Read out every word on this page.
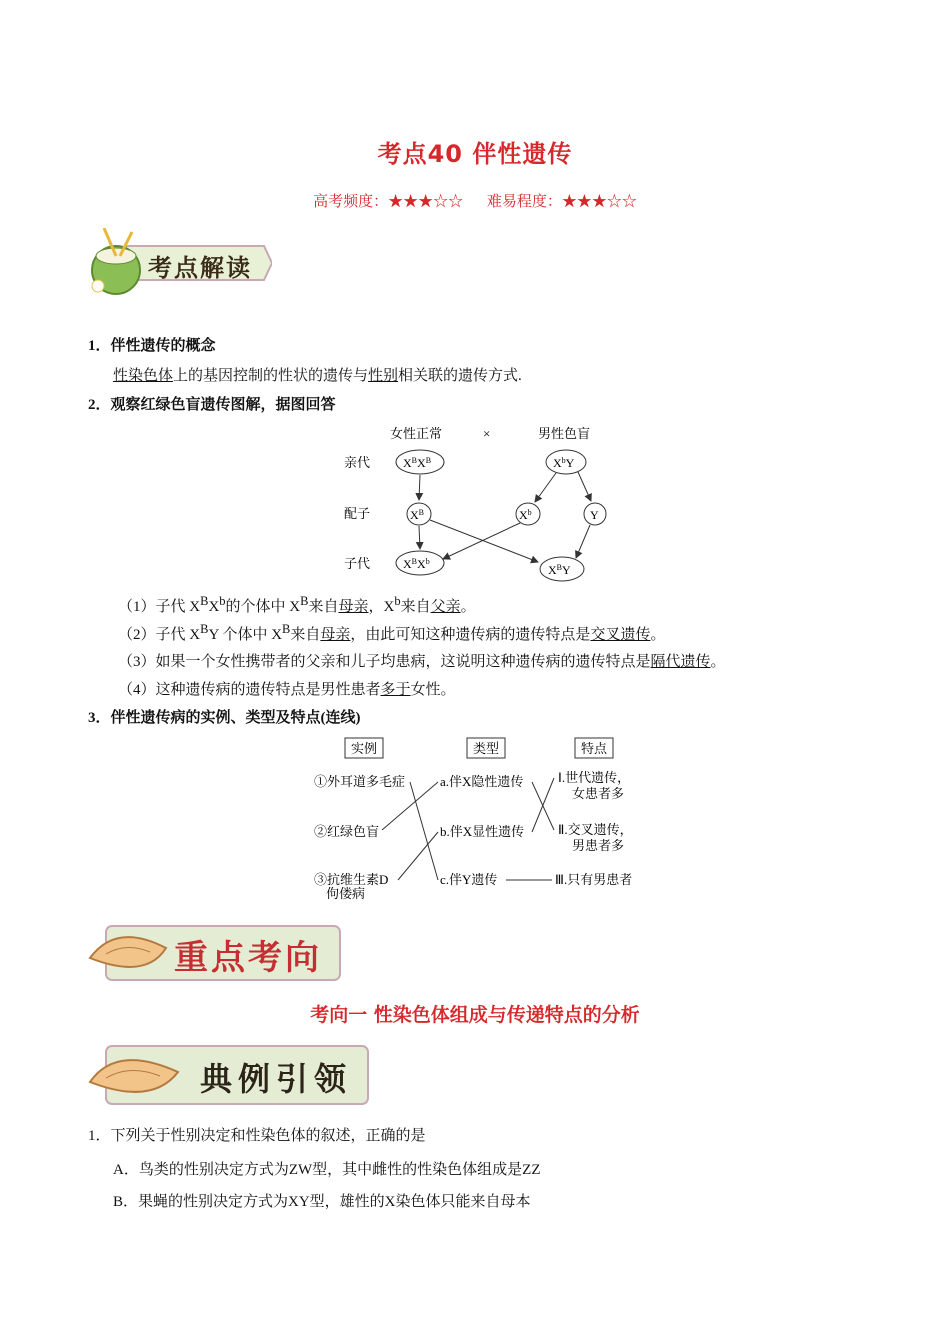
考点40 伴性遗传
高考频度：★★★☆☆ 难易程度：★★★☆☆
考点解读
1．伴性遗传的概念
性染色体上的基因控制的性状的遗传与性别相关联的遗传方式.
2．观察红绿色盲遗传图解，据图回答
女性正常	×	男性色盲
亲代
配子
子代
$X^BX^B$	$X^bY$
$X^B$	$X^b$	Y
$X^BX^b$
$X^BY$
（1）子代 $X^BX^b$的个体中 $X^B$来自母亲，$X^b$来自父亲。
（2）子代 $X^BY$ 个体中 $X^B$来自母亲，由此可知这种遗传病的遗传特点是交叉遗传。
（3）如果一个女性携带者的父亲和儿子均患病，这说明这种遗传病的遗传特点是隔代遗传。
（4）这种遗传病的遗传特点是男性患者多于女性。
3．伴性遗传病的实例、类型及特点(连线)
实例	类型	特点
①外耳道多毛症
②红绿色盲
③抗维生素D
佝偻病
a.伴X隐性遗传
b.伴X显性遗传
c.伴Y遗传
Ⅰ.世代遗传，
女患者多
Ⅱ.交叉遗传，
男患者多
Ⅲ.只有男患者
重点考向
考向一 性染色体组成与传递特点的分析
典例引领
1．下列关于性别决定和性染色体的叙述，正确的是
A．鸟类的性别决定方式为ZW型，其中雌性的性染色体组成是ZZ
B．果蝇的性别决定方式为XY型，雄性的X染色体只能来自母本
